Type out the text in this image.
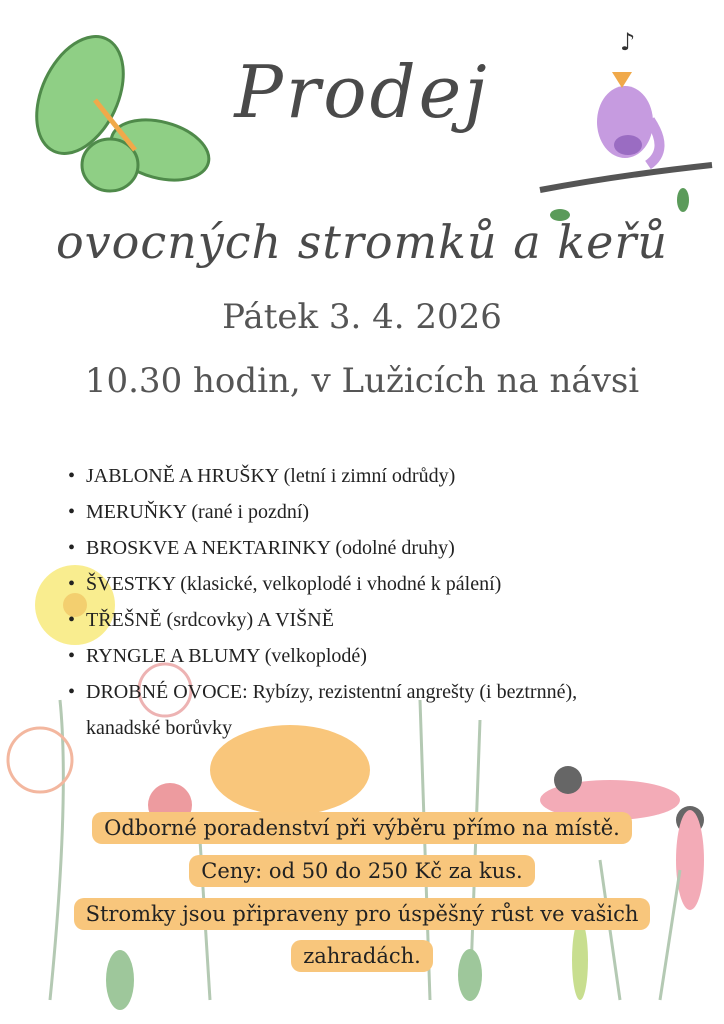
♪
Prodej
ovocných stromků a keřů
Pátek 3. 4. 2026
10.30 hodin, v Lužicích na návsi
• JABLONĚ A HRUŠKY (letní i zimní odrůdy)
• MERUŇKY (rané i pozdní)
• BROSKVE A NEKTARINKY (odolné druhy)
• ŠVESTKY (klasické, velkoplodé i vhodné k pálení)
• TŘEŠNĚ (srdcovky) A VIŠNĚ
• RYNGLE A BLUMY (velkoplodé)
• DROBNÉ OVOCE: Rybízy, rezistentní angrešty (i beztrnné),
kanadské borůvky
Odborné poradenství při výběru přímo na místě.
Ceny: od 50 do 250 Kč za kus.
Stromky jsou připraveny pro úspěšný růst ve vašich
zahradách.
